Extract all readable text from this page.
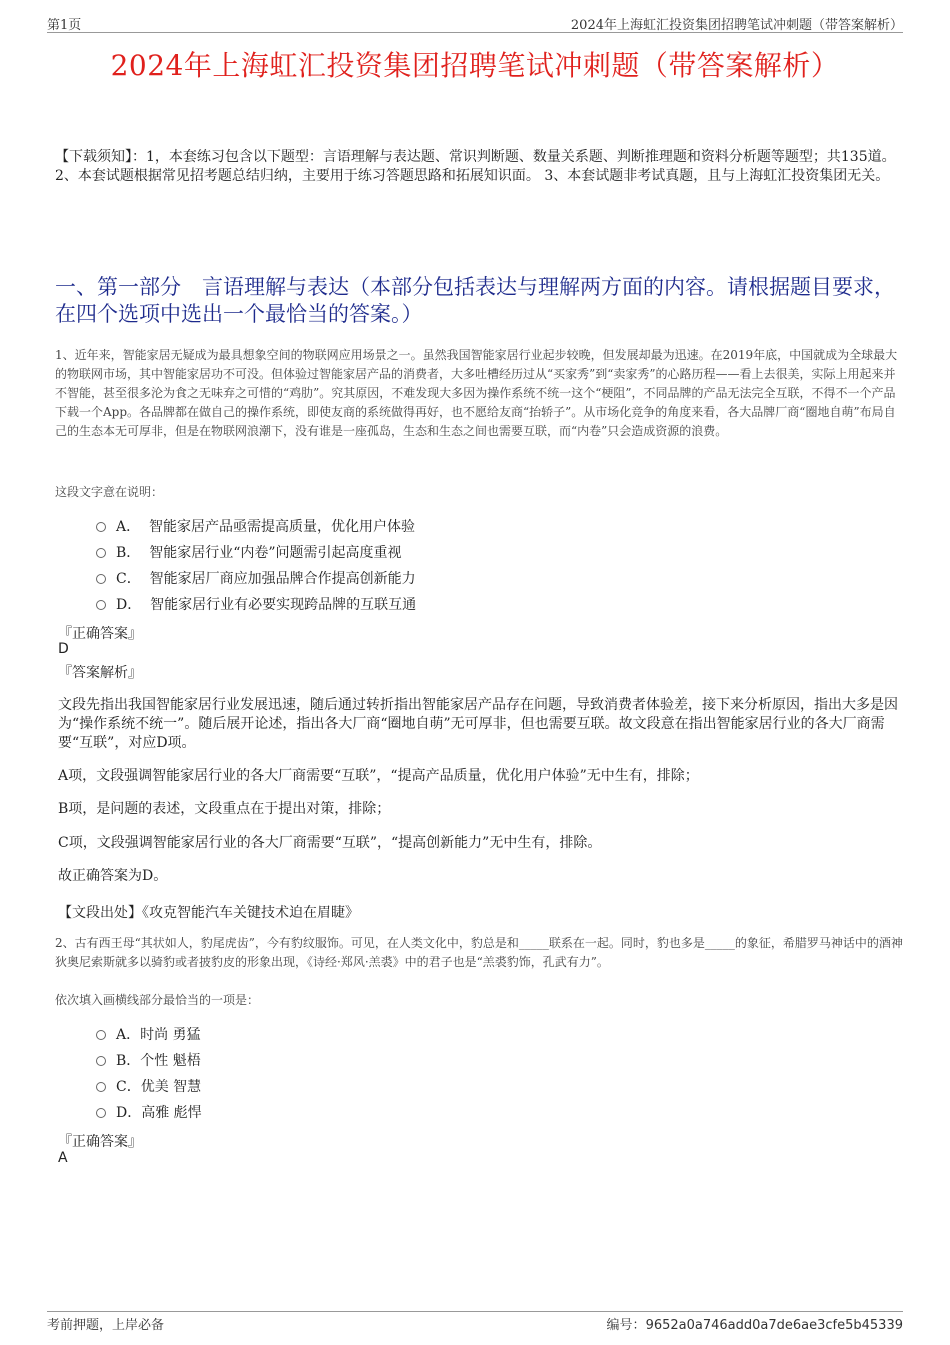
第1页	2024年上海虹汇投资集团招聘笔试冲刺题（带答案解析）
2024年上海虹汇投资集团招聘笔试冲刺题（带答案解析）
【下载须知】：1，本套练习包含以下题型：言语理解与表达题、常识判断题、数量关系题、判断推理题和资料分析题等题型；共135道。 2、本套试题根据常见招考题总结归纳，主要用于练习答题思路和拓展知识面。 3、本套试题非考试真题，且与上海虹汇投资集团无关。
一、第一部分　言语理解与表达（本部分包括表达与理解两方面的内容。请根据题目要求，在四个选项中选出一个最恰当的答案。）
1、近年来，智能家居无疑成为最具想象空间的物联网应用场景之一。虽然我国智能家居行业起步较晚，但发展却最为迅速。在2019年底，中国就成为全球最大的物联网市场，其中智能家居功不可没。但体验过智能家居产品的消费者，大多吐槽经历过从“买家秀”到“卖家秀”的心路历程——看上去很美，实际上用起来并不智能，甚至很多沦为食之无味弃之可惜的“鸡肋”。究其原因，不难发现大多因为操作系统不统一这个“梗阻”，不同品牌的产品无法完全互联，不得不一个产品下载一个App。各品牌都在做自己的操作系统，即使友商的系统做得再好，也不愿给友商“抬轿子”。从市场化竞争的角度来看，各大品牌厂商“圈地自萌”布局自己的生态本无可厚非，但是在物联网浪潮下，没有谁是一座孤岛，生态和生态之间也需要互联，而“内卷”只会造成资源的浪费。
这段文字意在说明：
A．  智能家居产品亟需提高质量，优化用户体验
B．  智能家居行业“内卷”问题需引起高度重视
C．  智能家居厂商应加强品牌合作提高创新能力
D．  智能家居行业有必要实现跨品牌的互联互通
『正确答案』
D
『答案解析』
文段先指出我国智能家居行业发展迅速，随后通过转折指出智能家居产品存在问题，导致消费者体验差，接下来分析原因，指出大多是因为“操作系统不统一”。随后展开论述，指出各大厂商“圈地自萌”无可厚非，但也需要互联。故文段意在指出智能家居行业的各大厂商需要“互联”，对应D项。
A项，文段强调智能家居行业的各大厂商需要“互联”，“提高产品质量，优化用户体验”无中生有，排除；
B项，是问题的表述，文段重点在于提出对策，排除；
C项，文段强调智能家居行业的各大厂商需要“互联”，“提高创新能力”无中生有，排除。
故正确答案为D。
【文段出处】《攻克智能汽车关键技术迫在眉睫》
2、古有西王母“其状如人，豹尾虎齿”，今有豹纹服饰。可见，在人类文化中，豹总是和_____联系在一起。同时，豹也多是_____的象征，希腊罗马神话中的酒神狄奥尼索斯就多以骑豹或者披豹皮的形象出现，《诗经·郑风·羔裘》中的君子也是“羔裘豹饰，孔武有力”。
依次填入画横线部分最恰当的一项是：
A．时尚 勇猛
B．个性 魁梧
C．优美 智慧
D．高雅 彪悍
『正确答案』
A
考前押题，上岸必备	编号：9652a0a746add0a7de6ae3cfe5b45339
